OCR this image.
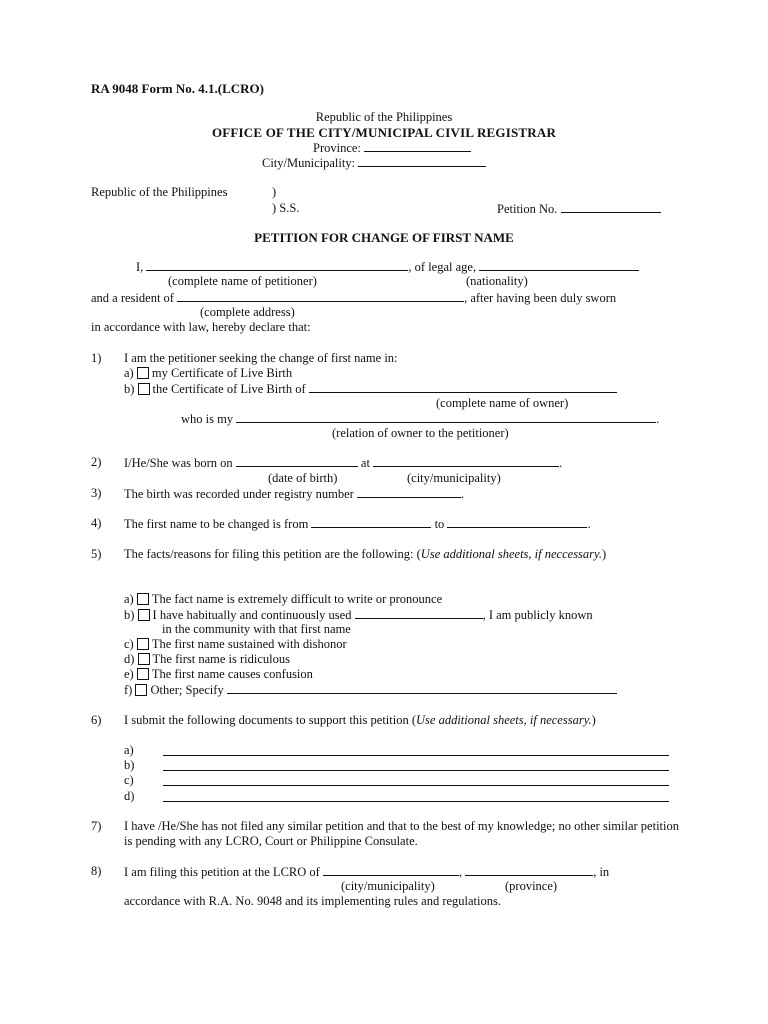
RA 9048 Form No. 4.1.(LCRO)
Republic of the Philippines
OFFICE OF THE CITY/MUNICIPAL CIVIL REGISTRAR
Province:
City/Municipality:
Republic of the Philippines	)
) S.S.	Petition No.
PETITION FOR CHANGE OF FIRST NAME
I,	, of legal age,
(complete name of petitioner)	(nationality)
and a resident of	, after having been duly sworn
(complete address)
in accordance with law, hereby declare that:
1) I am the petitioner seeking the change of first name in:
a) my Certificate of Live Birth
b) the Certificate of Live Birth of
(complete name of owner)
who is my	.
(relation of owner to the petitioner)
2) I/He/She was born on	at	.
(date of birth)	(city/municipality)
3) The birth was recorded under registry number	.
4) The first name to be changed is from	to	.
5) The facts/reasons for filing this petition are the following: (Use additional sheets, if neccessary.)
a) The fact name is extremely difficult to write or pronounce
b) I have habitually and continuously used	, I am publicly known
in the community with that first name
c) The first name sustained with dishonor
d) The first name is ridiculous
e) The first name causes confusion
f) Other; Specify
6) I submit the following documents to support this petition (Use additional sheets, if necessary.)
a)
b)
c)
d)
7) I have /He/She has not filed any similar petition and that to the best of my knowledge; no other similar petition is pending with any LCRO, Court or Philippine Consulate.
8) I am filing this petition at the LCRO of	,	, in
(city/municipality)	(province)
accordance with R.A. No. 9048 and its implementing rules and regulations.
